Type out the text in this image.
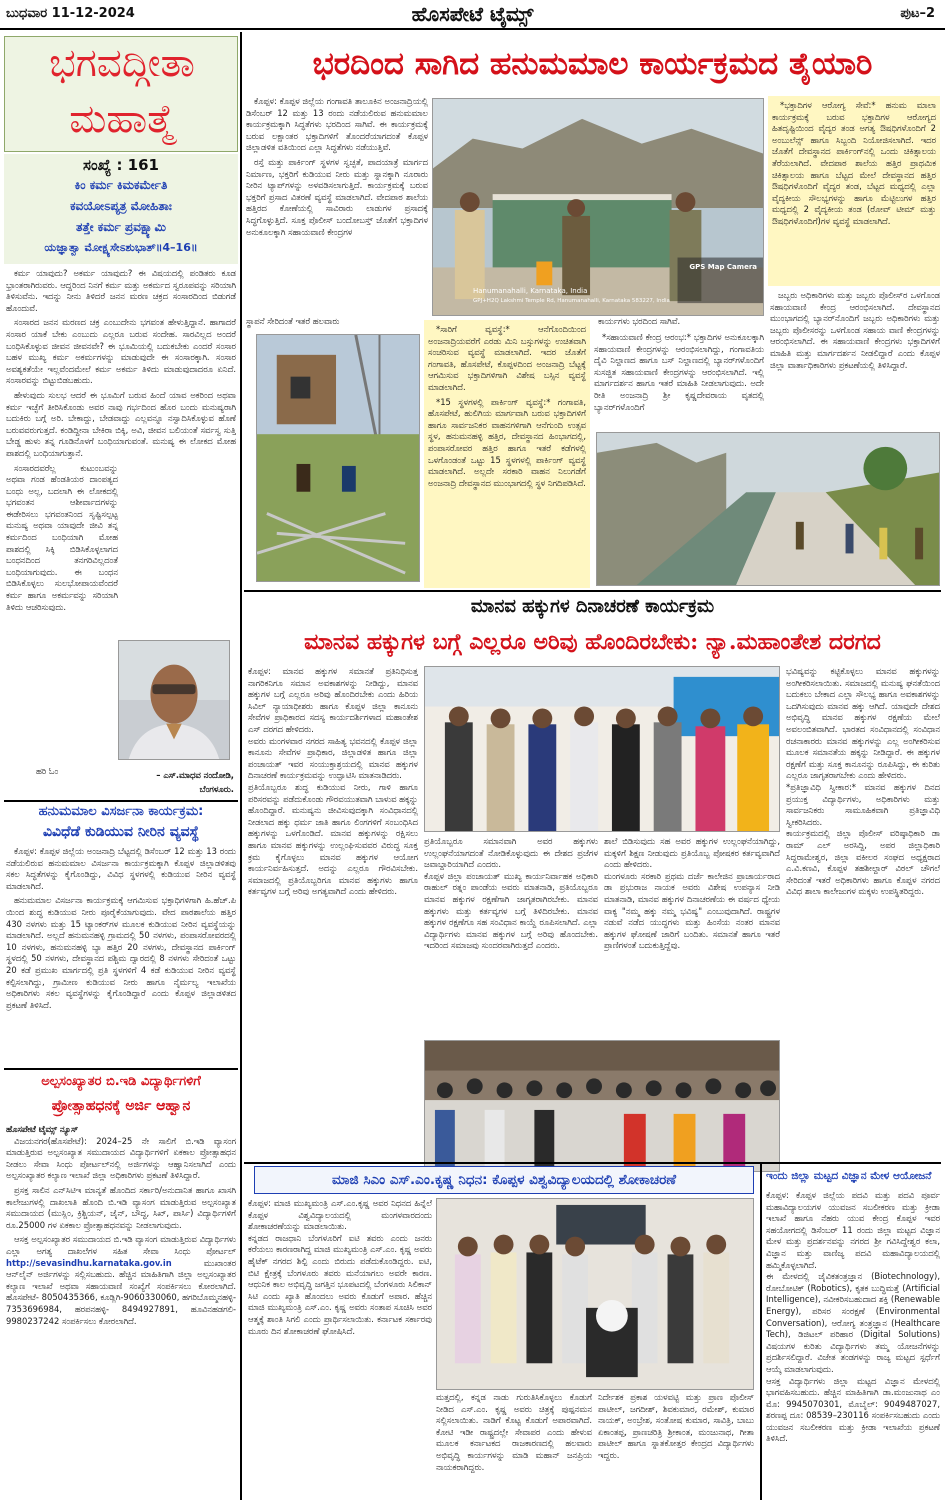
ಬುಧವಾರ 11-12-2024	ಹೊಸಪೇಟೆ ಟೈಮ್ಸ್	ಪುಟ–2
ಭಗವದ್ಗೀತಾ
ಮಹಾತ್ಮೆ
ಸಂಖ್ಯೆ : 161
ಕಿಂ ಕರ್ಮ ಕಿಮಕರ್ಮೇತಿ
ಕವಯೋಽಪ್ಯತ್ರ ಮೋಹಿತಾಃ
ತತ್ತೇ ಕರ್ಮ ಪ್ರವಕ್ಷ್ಯಾಮಿ
ಯಜ್ಞಾತ್ವಾ ಮೋಕ್ಷ್ಯಸೇಽಶುಭಾತ್॥4–16॥

ಕರ್ಮ ಯಾವುದು? ಅಕರ್ಮ ಯಾವುದು? ಈ ವಿಷಯದಲ್ಲಿ ಪಂಡಿತರು ಕೂಡ ಭ್ರಾಂತರಾಗಿರುವರು. ಆದ್ದರಿಂದ ನಿನಗೆ ಕರ್ಮ ಮತ್ತು ಅಕರ್ಮದ ಸ್ವರೂಪವನ್ನು ಸರಿಯಾಗಿ ತಿಳಿಸುವೆನು. ಇದನ್ನು ನೀನು ತಿಳಿದರೆ ಜನನ ಮರಣ ಚಕ್ರದ ಸಂಸಾರದಿಂದ ಬಿಡುಗಡೆ ಹೊಂದುವೆ.

ಸಂಸಾರದ ಜನನ ಮರಣದ ಚಕ್ರ ಎಂಬುದೇನು ಭಗವಂತ ಹೇಳುತ್ತಿದ್ದಾನೆ. ಹಾಗಾದರೆ ಸಂಸಾರ ಯಾಕೆ ಬೇಕು ಎಂಬುದು ಎಲ್ಲರೂ ಬರುವ ಸಂದೇಹ. ಸಾರವಿಲ್ಲದ ಅಂದರೆ ಬಂಧಿಸಿಕೊಳ್ಳುವ ಜೀವನ ಜೀವನವೇ? ಈ ಭೂಮಿಯಲ್ಲಿ ಬದುಕಬೇಕು ಎಂದರೆ ಸಂಸಾರ ಬಹಳ ಮುಖ್ಯ ಕರ್ಮ ಅಕರ್ಮಗಳನ್ನು ಮಾಡುವುದೇ ಈ ಸಂಸಾರಕ್ಕಾಗಿ. ಸಂಸಾರ ಅವಶ್ಯಕತೆಯೇ ಇಲ್ಲವೆಂದಮೇಲೆ ಕರ್ಮ ಅಕರ್ಮ ತಿಳಿದು ಮಾಡುವುದಾದರೂ ಏನಿದೆ. ಸಂಸಾರವನ್ನು ಬಿಟ್ಟುಬಿಡಬಹುದು.

ಹೇಳುವುದು ಸುಲಭ ಆದರೆ ಈ ಭೂಮಿಗೆ ಬರುವ ಹಿಂದೆ ಯಾವ ಅಕರಿಂದ ಅಥವಾ ಕರ್ಮ ಇಚ್ಛೆಗೆ ತೀರಿಸಿಕೊಂಡು ಅವರ ನಾವು ಗರ್ಭದಿಂದ ಹೊರ ಬಂದು ಮನುಷ್ಯರಾಗಿ ಬದುಕಿರು ಬಗ್ಗೆ ಅರಿ. ಬೇಕಾದ್ದು, ಬೇಡವಾದ್ದು ಎಲ್ಲವನ್ನೂ ನಸ್ವಾದಿಸಿಕೊಳ್ಳುವ ಹೊಣೆ ಬರುವವರುಗುತ್ತದೆ. ಕಂಡಿದ್ದೀನಾ ಬೇಕಿರಾ ಬಿಕ್ಕಿ, ಅವಿ, ಜೀವನ ಬಲಿಯಂತೆ ಸರ್ವಸ್ವ ಸುತ್ತಿ ಬೇಡ್ಡ ಹುಳು ತನ್ನ ಗೂಡಿನೊಳಗೆ ಬಂಧಿಯಾಗುವಂತೆ. ಮನುಷ್ಯ ಈ ಲೋಕದ ಮೋಹ ಪಾಶದಲ್ಲಿ ಬಂಧಿಯಾಗುತ್ತಾನೆ.

ಸಂಸಾರದವರೆಲ್ಲ ಕುಟುಂಬವನ್ನು ಅಥವಾ ಗಂಡ ಹೆಂಡತಿಯರ ದಾಂಪತ್ಯದ ಬಂಧು ಅಲ್ಲ, ಬದಲಾಗಿ ಈ ಲೋಕದಲ್ಲಿ ಭಗವಂತನ ಆಶೀರ್ವಾದಗಳನ್ನು ಈಡೇರಿಸಲು ಭಗವಂತನಿಂದ ಸೃಷ್ಟಿಸಲ್ಪಟ್ಟ ಮನುಷ್ಯ ಅಥವಾ ಯಾವುದೇ ಜೀವಿ ತನ್ನ ಕರ್ಮದಿಂದ ಬಂಧಿಯಾಗಿ ಮೋಹ ಪಾಶದಲ್ಲಿ ಸಿಕ್ಕಿ ಬಿಡಿಸಿಕೊಳ್ಳಲಾಗದ ಬಂಧನದಿಂದ ತನಗರಿವಿಲ್ಲದಂತೆ ಬಂಧಿಯಾಗುವುದು. ಈ ಬಂಧನ ಬಿಡಿಸಿಕೊಳ್ಳಲು ಸುಲಭೋಪಾಯವೆಂದರೆ ಕರ್ಮ ಹಾಗೂ ಅಕರ್ಮವನ್ನು ಸರಿಯಾಗಿ ತಿಳಿದು ಆಚರಿಸುವುದು.

ಹರಿ ಓಂ	– ಎಸ್.ಮಾಧವ ನಂದೋಡಿ,
ಬೆಂಗಳೂರು.
ಹನುಮಮಾಲ ವಿಸರ್ಜನಾ ಕಾರ್ಯಕ್ರಮ:
ವಿವಿಧೆಡೆ ಕುಡಿಯುವ ನೀರಿನ ವ್ಯವಸ್ಥೆ

ಕೊಪ್ಪಳ: ಕೊಪ್ಪಳ ಜಿಲ್ಲೆಯ ಅಂಜನಾದ್ರಿ ಬೆಟ್ಟದಲ್ಲಿ ಡಿಸೆಂಬರ್ 12 ಮತ್ತು 13 ರಂದು ನಡೆಯಲಿರುವ ಹನುಮಮಾಲ ವಿಸರ್ಜನಾ ಕಾರ್ಯಕ್ರಮಕ್ಕಾಗಿ ಕೊಪ್ಪಳ ಜಿಲ್ಲಾಡಳಿತವು ಸಕಲ ಸಿದ್ಧತೆಗಳನ್ನು ಕೈಗೊಂಡಿದ್ದು, ವಿವಿಧ ಸ್ಥಳಗಳಲ್ಲಿ ಕುಡಿಯುವ ನೀರಿನ ವ್ಯವಸ್ಥೆ ಮಾಡಲಾಗಿದೆ.

ಹನುಮಮಾಲ ವಿಸರ್ಜನಾ ಕಾರ್ಯಕ್ರಮಕ್ಕೆ ಆಗಮಿಸುವ ಭಕ್ತಾಧಿಗಳಿಗಾಗಿ ಹಿ.ಹೆಚ್.ಪಿ ಯಿಂದ ಶುದ್ಧ ಕುಡಿಯುವ ನೀರು ಪೂರೈಕೆಯಾಗುವುದು. ವೇದ ಪಾಠಶಾಲೆಯ ಹತ್ತಿರ 430 ನಳಗಳು ಮತ್ತು 15 ಟ್ಯಾಂಕರ್‌ಗಳ ಮೂಲಕ ಕುಡಿಯುವ ನೀರಿನ ವ್ಯವಸ್ಥೆಯನ್ನು ಮಾಡಲಾಗಿದೆ. ಅಲ್ಲದೆ ಹನುಮನಹಳ್ಳಿ ಗ್ರಾಮದಲ್ಲಿ 50 ನಳಗಳು, ಪಂಪಾಸರೋವರದಲ್ಲಿ 10 ನಳಗಳು, ಹನುಮನಹಳ್ಳಿ ಬ್ಯಾ ಹತ್ತಿರ 20 ನಳಗಳು, ದೇವಸ್ಥಾನದ ಪಾರ್ಕಿಂಗ್ ಸ್ಥಳದಲ್ಲಿ 50 ನಳಗಳು, ದೇವಸ್ಥಾನದ ಪಶ್ಚಿಮ ದ್ವಾರದಲ್ಲಿ 8 ನಳಗಳು ಸೇರಿದಂತೆ ಒಟ್ಟು 20 ಕಡೆ ಪ್ರಮುಖ ಮಾರ್ಗದಲ್ಲಿ ಪ್ರತಿ ಸ್ಥಳಗಳಿಗೆ 4 ಕಡೆ ಕುಡಿಯುವ ನೀರಿನ ವ್ಯವಸ್ಥೆ ಕಲ್ಪಿಸಲಾಗಿದ್ದು, ಗ್ರಾಮೀಣ ಕುಡಿಯುವ ನೀರು ಹಾಗೂ ನೈರ್ಮಲ್ಯ ಇಲಾಖೆಯ ಅಧಿಕಾರಿಗಳು ಸಕಲ ವ್ಯವಸ್ಥೆಗಳನ್ನು ಕೈಗೊಂಡಿದ್ದಾರೆ ಎಂದು ಕೊಪ್ಪಳ ಜಿಲ್ಲಾಡಳಿತದ ಪ್ರಕಟಣೆ ತಿಳಿಸಿದೆ.

ಅಲ್ಪಸಂಖ್ಯಾತರ ಬಿ.ಇಡಿ ವಿದ್ಯಾರ್ಥಿಗಳಿಗೆ
ಪ್ರೋತ್ಸಾಹಧನಕ್ಕೆ ಅರ್ಜಿ ಆಹ್ವಾನ
ಹೊಸಪೇಟೆ ಟೈಮ್ಸ್ ನ್ಯೂಸ್

ವಿಜಯನಗರ(ಹೊಸಪೇಟೆ): 2024–25 ನೇ ಸಾಲಿಗೆ ಬಿ.ಇಡಿ ವ್ಯಾಸಂಗ ಮಾಡುತ್ತಿರುವ ಅಲ್ಪಸಂಖ್ಯಾತ ಸಮುದಾಯದ ವಿದ್ಯಾರ್ಥಿಗಳಿಗೆ ಏಕಕಾಲ ಪ್ರೋತ್ಸಾಹಧನ ನೀಡಲು ಸೇವಾ ಸಿಂಧು ಪೋರ್ಟಲ್‌ನಲ್ಲಿ ಅರ್ಜಿಗಳನ್ನು ಆಹ್ವಾನಿಸಲಾಗಿದೆ ಎಂದು ಅಲ್ಪಸಂಖ್ಯಾತರ ಕಲ್ಯಾಣ ಇಲಾಖೆ ಜಿಲ್ಲಾ ಅಧಿಕಾರಿಗಳು ಪ್ರಕಟಣೆ ತಿಳಿಸಿದ್ದಾರೆ.

ಪ್ರಸಕ್ತ ಸಾಲಿನ ಎನ್‌ಸಿಟಿಇ ಮಾನ್ಯತೆ ಹೊಂದಿದ ಸರ್ಕಾರಿ/ಅನುದಾನಿತ ಹಾಗೂ ಖಾಸಗಿ ಕಾಲೇಜುಗಳಲ್ಲಿ ದಾಖಲಾತಿ ಹೊಂದಿ ಬಿ.ಇಡಿ ವ್ಯಾಸಂಗ ಮಾಡುತ್ತಿರುವ ಅಲ್ಪಸಂಖ್ಯಾತ ಸಮುದಾಯದ (ಮುಸ್ಲಿಂ, ಕ್ರಿಶ್ಚಿಯನ್, ಜೈನ್, ಬೌದ್ಧ, ಸಿಖ್, ಪಾರ್ಸಿ) ವಿದ್ಯಾರ್ಥಿಗಳಿಗೆ ರೂ.25000 ಗಳ ಏಕಕಾಲ ಪ್ರೋತ್ಸಾಹಧನವನ್ನು ನೀಡಲಾಗುವುದು.

ಆಸಕ್ತ ಅಲ್ಪಸಂಖ್ಯಾತರ ಸಮುದಾಯದ ಬಿ.ಇಡಿ ವ್ಯಾಸಂಗ ಮಾಡುತ್ತಿರುವ ವಿದ್ಯಾರ್ಥಿಗಳು ಎಲ್ಲಾ ಅಗತ್ಯ ದಾಖಲೆಗಳ ಸಹಿತ ಸೇವಾ ಸಿಂಧು ಪೋರ್ಟಲ್ http://sevasindhu.karnataka.gov.in	ಮುಖಾಂತರ ಆನ್‌ಲೈನ್ ಅರ್ಜಿಗಳನ್ನು ಸಲ್ಲಿಸಬಹುದು. ಹೆಚ್ಚಿನ ಮಾಹಿತಿಗಾಗಿ ಜಿಲ್ಲಾ ಅಲ್ಪಸಂಖ್ಯಾತರ ಕಲ್ಯಾಣ ಇಲಾಖೆ ಅಥವಾ ಸಹಾಯವಾಣಿ ಸಂಖ್ಯೆಗೆ ಸಂಪರ್ಕಿಸಲು ಕೋರಲಾಗಿದೆ. ಹೊಸಪೇಟೆ- 8050435366, ಕೂಡ್ಲಿಗಿ-9060330060, ಹಗರಿಬೊಮ್ಮನಹಳ್ಳಿ- 7353696984, ಹರಪನಹಳ್ಳಿ- 8494927891, ಹೂವಿನಹಡಗಲಿ- 9980237242 ಸಂಪರ್ಕಿಸಲು ಕೋರಲಾಗಿದೆ.

ಭರದಿಂದ ಸಾಗಿದ ಹನುಮಮಾಲ ಕಾರ್ಯಕ್ರಮದ ತೈಯಾರಿ

ಕೊಪ್ಪಳ: ಕೊಪ್ಪಳ ಜಿಲ್ಲೆಯ ಗಂಗಾವತಿ ತಾಲೂಕಿನ ಅಂಜನಾದ್ರಿಯಲ್ಲಿ ಡಿಸೆಂಬರ್ 12 ಮತ್ತು 13 ರಂದು ನಡೆಯಲಿರುವ ಹನುಮಮಾಲ ಕಾರ್ಯಕ್ರಮಕ್ಕಾಗಿ ಸಿದ್ಧತೆಗಳು ಭರದಿಂದ ಸಾಗಿವೆ. ಈ ಕಾರ್ಯಕ್ರಮಕ್ಕೆ ಬರುವ ಲಕ್ಷಾಂತರ ಭಕ್ತಾದಿಗಳಿಗೆ ತೊಂದರೆಯಾಗದಂತೆ ಕೊಪ್ಪಳ ಜಿಲ್ಲಾಡಳಿತ ವತಿಯಿಂದ ಎಲ್ಲಾ ಸಿದ್ಧತೆಗಳು ನಡೆಯುತ್ತಿವೆ.

ರಸ್ತೆ ಮತ್ತು ಪಾರ್ಕಿಂಗ್ ಸ್ಥಳಗಳ ಸ್ವಚ್ಛತೆ, ಪಾದಯಾತ್ರೆ ಮಾರ್ಗದ ನಿರ್ಮಾಣ, ಭಕ್ತರಿಗೆ ಕುಡಿಯುವ ನೀರು ಮತ್ತು ಸ್ನಾನಕ್ಕಾಗಿ ನೂರಾರು ನೀರಿನ ಟ್ಯಾಪ್‌ಗಳನ್ನು ಅಳವಡಿಸಲಾಗುತ್ತಿದೆ. ಕಾರ್ಯಕ್ರಮಕ್ಕೆ ಬರುವ ಭಕ್ತರಿಗೆ ಪ್ರಸಾದ ವಿತರಣೆ ವ್ಯವಸ್ಥೆ ಮಾಡಲಾಗಿದೆ. ವೇದಪಾಠ ಶಾಲೆಯ ಹತ್ತಿರದ ಕೋಣೆಯಲ್ಲಿ ಸಾವಿರಾರು ಲಾಡುಗಳ ಪ್ರಸಾದಕ್ಕೆ ಸಿದ್ಧಗೊಳ್ಳುತ್ತಿದೆ. ಸೂಕ್ತ ಪೊಲೀಸ್ ಬಂದೋಬಸ್ತ್ ಜೊತೆಗೆ ಭಕ್ತಾದಿಗಳ ಅನುಕೂಲಕ್ಕಾಗಿ ಸಹಾಯವಾಣಿ ಕೇಂದ್ರಗಳ

GPS Map Camera
Hanumanahalli, Karnataka, India
GPJ+H2Q Lakshmi Temple Rd, Hanumanahalli, Karnataka 583227, India
ಸ್ಥಾಪನೆ ಸೇರಿದಂತೆ ಇತರೆ ಹಲವಾರು	ಕಾರ್ಯಗಳು ಭರದಿಂದ ಸಾಗಿವೆ.

*ಸಾರಿಗೆ ವ್ಯವಸ್ಥೆ:* ಆನೆಗೊಂದಿಯಿಂದ ಅಂಜನಾದ್ರಿಯವರೆಗೆ ಎರಡು ಮಿನಿ ಬಸ್ಸುಗಳನ್ನು ಉಚಿತವಾಗಿ ಸಂಚರಿಸುವ ವ್ಯವಸ್ಥೆ ಮಾಡಲಾಗಿದೆ. ಇದರ ಜೊತೆಗೆ ಗಂಗಾವತಿ, ಹೊಸಪೇಟೆ, ಕೊಪ್ಪಳದಿಂದ ಅಂಜನಾದ್ರಿ ಬೆಟ್ಟಕ್ಕೆ ಆಗಮಿಸುವ ಭಕ್ತಾದಿಗಳಿಗಾಗಿ ವಿಶೇಷ ಬಸ್ಸಿನ ವ್ಯವಸ್ಥೆ ಮಾಡಲಾಗಿದೆ.

*15 ಸ್ಥಳಗಳಲ್ಲಿ ಪಾರ್ಕಿಂಗ್ ವ್ಯವಸ್ಥೆ:* ಗಂಗಾವತಿ, ಹೊಸಪೇಟೆ, ಹುಲಿಗಿಯ ಮಾರ್ಗವಾಗಿ ಬರುವ ಭಕ್ತಾದಿಗಳಿಗೆ ಹಾಗೂ ಸಾರ್ವಜನಿಕರ ವಾಹನಗಳಿಗಾಗಿ ಆನೆಗುಂದಿ ಉತ್ಸವ ಸ್ಥಳ, ಹನುಮನಹಳ್ಳಿ ಹತ್ತಿರ, ದೇವಸ್ಥಾನದ ಹಿಂಭಾಗದಲ್ಲಿ, ಪಂಪಾಸರೋವರ ಹತ್ತಿರ ಹಾಗೂ ಇತರೆ ಕಡೆಗಳಲ್ಲಿ ಒಳಗೊಂಡಂತೆ ಒಟ್ಟು 15 ಸ್ಥಳಗಳಲ್ಲಿ ಪಾರ್ಕಿಂಗ್ ವ್ಯವಸ್ಥೆ ಮಾಡಲಾಗಿದೆ. ಅಲ್ಲದೇ ಸರಕಾರಿ ವಾಹನ ನಿಲುಗಡೆಗೆ ಅಂಜನಾದ್ರಿ ದೇವಸ್ಥಾನದ ಮುಂಭಾಗದಲ್ಲಿ ಸ್ಥಳ ನಿಗದಿಪಡಿಸಿದೆ.

*ಸಹಾಯವಾಣಿ ಕೇಂದ್ರ ಆರಂಭ:* ಭಕ್ತಾದಿಗಳ ಅನುಕೂಲಕ್ಕಾಗಿ ಸಹಾಯವಾಣಿ ಕೇಂದ್ರಗಳನ್ನು ಆರಂಭಿಸಲಾಗಿದ್ದು, ಗಂಗಾವತಿಯ ದೈವಿ ನಿಲ್ದಾಣದ ಹಾಗೂ ಬಸ್ ನಿಲ್ದಾಣದಲ್ಲಿ ಬ್ಯಾನರ್‌ಗಳೊಂದಿಗೆ ಸುಸಜ್ಜಿತ ಸಹಾಯವಾಣಿ ಕೇಂದ್ರಗಳನ್ನು ಆರಂಭಿಸಲಾಗಿದೆ. ಇಲ್ಲಿ ಮಾರ್ಗದರ್ಶನ ಹಾಗೂ ಇತರೆ ಮಾಹಿತಿ ನೀಡಲಾಗುವುದು. ಅದೇ ರೀತಿ ಅಂಜನಾದ್ರಿ ಶ್ರೀ ಕೃಷ್ಣದೇವರಾಯ ವೃತದಲ್ಲಿ ಬ್ಯಾನರ್‌ಗಳೊಂದಿಗೆ

*ಭಕ್ತಾದಿಗಳ ಆರೋಗ್ಯ ಸೇವೆ:* ಹನುಮ ಮಾಲಾ ಕಾರ್ಯಕ್ರಮಕ್ಕೆ ಬರುವ ಭಕ್ತಾದಿಗಳ ಆರೋಗ್ಯದ ಹಿತದೃಷ್ಟಿಯಿಂದ ವೈದ್ಯರ ತಂಡ ಅಗತ್ಯ ಔಷಧಿಗಳೊಂದಿಗೆ 2 ಅಂಬುಲೆನ್ಸ್ ಹಾಗೂ ಸಿಬ್ಬಂದಿ ನಿಯೋಜಿಸಲಾಗಿದೆ. ಇದರ ಜೊತೆಗೆ ದೇವಸ್ಥಾನದ ಪಾರ್ಕಿಂಗ್‌ನಲ್ಲಿ ಒಂದು ಚಿಕಿತ್ಸಾಲಯ ತೆರೆಯಲಾಗಿದೆ. ವೇದಪಾಠ ಶಾಲೆಯ ಹತ್ತಿರ ಪ್ರಾಥಮಿಕ ಚಿಕಿತ್ಸಾಲಯ ಹಾಗೂ ಬೆಟ್ಟದ ಮೇಲೆ ದೇವಸ್ಥಾನದ ಹತ್ತಿರ ಔಷಧಿಗಳೊಂದಿಗೆ ವೈದ್ಯರ ತಂಡ, ಬೆಟ್ಟದ ಮಧ್ಯದಲ್ಲಿ ಎಲ್ಲಾ ವೈದ್ಯಕೀಯ ಸೌಲಭ್ಯಗಳನ್ನು ಹಾಗೂ ಮೆಟ್ಟಿಲುಗಳ ಹತ್ತಿರ ಮಧ್ಯದಲ್ಲಿ 2 ವೈದ್ಯಕೀಯ ತಂಡ (ರೋವ್ ಟೀಮ್ ಮತ್ತು ಔಷಧಿಗಳೊಂದಿಗೆ)ಗಳ ವ್ಯವಸ್ಥೆ ಮಾಡಲಾಗಿದೆ.

ಜಬ್ಬರು ಅಧಿಕಾರಿಗಳು ಮತ್ತು ಜಬ್ಬರು ಪೊಲೀಸ್‌ರ ಒಳಗೊಂಡ ಸಹಾಯವಾಣಿ ಕೇಂದ್ರ ಆರಂಭಿಸಲಾಗಿದೆ. ದೇವಸ್ಥಾನದ ಮುಂಭಾಗದಲ್ಲಿ ಬ್ಯಾನರ್‌ನೊಂದಿಗೆ ಜಬ್ಬರು ಅಧಿಕಾರಿಗಳು ಮತ್ತು ಜಬ್ಬರು ಪೊಲೀಸರನ್ನು ಒಳಗೊಂಡ ಸಹಾಯ ವಾಣಿ ಕೇಂದ್ರಗಳನ್ನು ಆರಂಭಿಸಲಾಗಿದೆ. ಈ ಸಹಾಯವಾಣಿ ಕೇಂದ್ರಗಳು ಭಕ್ತಾದಿಗಳಿಗೆ ಮಾಹಿತಿ ಮತ್ತು ಮಾರ್ಗದರ್ಶನ ನೀಡಲಿದ್ದಾರೆ ಎಂದು ಕೊಪ್ಪಳ ಜಿಲ್ಲಾ ವಾರ್ತಾಧಿಕಾರಿಗಳು ಪ್ರಕಟಣೆಯಲ್ಲಿ ತಿಳಿಸಿದ್ದಾರೆ.

ಮಾನವ ಹಕ್ಕುಗಳ ದಿನಾಚರಣೆ ಕಾರ್ಯಕ್ರಮ
ಮಾನವ ಹಕ್ಕುಗಳ ಬಗ್ಗೆ ಎಲ್ಲರೂ ಅರಿವು ಹೊಂದಿರಬೇಕು: ನ್ಯಾ.ಮಹಾಂತೇಶ ದರಗದ
ಕೊಪ್ಪಳ: ಮಾನವ ಹಕ್ಕುಗಳ ಸಮಾನತೆ ಪ್ರತಿನಿಧಿಸುತ್ತ ನಾಗರಿಕನಿಗೂ ಸಮಾನ ಅವಕಾಶಗಳನ್ನು ನೀಡಿದ್ದು, ಮಾನವ ಹಕ್ಕುಗಳ ಬಗ್ಗೆ ಎಲ್ಲರೂ ಅರಿವು ಹೊಂದಿರಬೇಕು ಎಂದು ಹಿರಿಯ ಸಿವಿಲ್ ನ್ಯಾಯಾಧೀಶರು ಹಾಗೂ ಕೊಪ್ಪಳ ಜಿಲ್ಲಾ ಕಾನೂನು ಸೇವೆಗಳ ಪ್ರಾಧಿಕಾರದ ಸದಸ್ಯ ಕಾರ್ಯದರ್ಶಿಗಳಾದ ಮಹಾಂತೇಶ ಎಸ್ ದರಗದ ಹೇಳಿದರು.
ಅವರು ಮಂಗಳವಾರ ನಗರದ ಸಾಹಿತ್ಯ ಭವನದಲ್ಲಿ ಕೊಪ್ಪಳ ಜಿಲ್ಲಾ ಕಾನೂನು ಸೇವೆಗಳ ಪ್ರಾಧಿಕಾರ, ಜಿಲ್ಲಾಡಳಿತ ಹಾಗೂ ಜಿಲ್ಲಾ ಪಂಚಾಯತ್ ಇವರ ಸಂಯುಕ್ತಾಶ್ರಯದಲ್ಲಿ ಮಾನವ ಹಕ್ಕುಗಳ ದಿನಾಚರಣೆ ಕಾರ್ಯಕ್ರಮವನ್ನು ಉದ್ಘಾಟಿಸಿ ಮಾತನಾಡಿದರು.
ಪ್ರತಿಯೊಬ್ಬರೂ ಶುದ್ಧ ಕುಡಿಯುವ ನೀರು, ಗಾಳಿ ಹಾಗೂ ಪರಿಸರವನ್ನು ಪಡೆದುಕೊಂಡು ಗೌರವಯುತವಾಗಿ ಬಾಳುವ ಹಕ್ಕನ್ನು ಹೊಂದಿದ್ದಾರೆ. ಮನುಷ್ಯನು ಜೀವಿಸುವುದಕ್ಕಾಗಿ ಸಂವಿಧಾನದಲ್ಲಿ ನೀಡಲಾದ ಹಕ್ಕು ಧರ್ಮ ಜಾತಿ ಹಾಗೂ ಲಿಂಗಗಳಿಗೆ ಸಂಬಂಧಿಸಿದ ಹಕ್ಕುಗಳನ್ನು ಒಳಗೊಂಡಿದೆ. ಮಾನವ ಹಕ್ಕುಗಳನ್ನು ರಕ್ಷಿಸಲು ಹಾಗೂ ಮಾನವ ಹಕ್ಕುಗಳನ್ನು ಉಲ್ಲಂಘಿಸುವವರ ವಿರುದ್ಧ ಸೂಕ್ತ ಕ್ರಮ ಕೈಗೊಳ್ಳಲು ಮಾನವ ಹಕ್ಕುಗಳ ಆಯೋಗ ಕಾರ್ಯನಿರ್ವಹಿಸುತ್ತದೆ. ಅದನ್ನು ಎಲ್ಲರೂ ಗೌರವಿಸಬೇಕು. ಸಮಾಜದಲ್ಲಿ ಪ್ರತಿಯೊಬ್ಬರಿಗೂ ಮಾನವ ಹಕ್ಕುಗಳು ಹಾಗೂ ಕರ್ತವ್ಯಗಳ ಬಗ್ಗೆ ಅರಿವು ಅಗತ್ಯವಾಗಿದೆ ಎಂದು ಹೇಳಿದರು.
ಪ್ರತಿಯೊಬ್ಬರೂ ಸಮಾನವಾಗಿ ಅವರ ಹಕ್ಕುಗಳು ಉಲ್ಲಂಘನೆಯಾಗದಂತೆ ನೋಡಿಕೊಳ್ಳುವುದು ಈ ದೇಶದ ಪ್ರಜೆಗಳ ಜವಾಬ್ದಾರಿಯಾಗಿದೆ ಎಂದರು.
ಕೊಪ್ಪಳ ಜಿಲ್ಲಾ ಪಂಚಾಯತ್ ಮುಖ್ಯ ಕಾರ್ಯನಿರ್ವಾಹಕ ಅಧಿಕಾರಿ ರಾಹುಲ್ ರತ್ನಂ ಪಾಂಡೆಯ ಅವರು ಮಾತನಾಡಿ, ಪ್ರತಿಯೊಬ್ಬರೂ ಮಾನವ ಹಕ್ಕುಗಳ ರಕ್ಷಣೆಗಾಗಿ ಜಾಗೃತರಾಗಿರಬೇಕು. ಮಾನವ ಹಕ್ಕುಗಳು ಮತ್ತು ಕರ್ತವ್ಯಗಳ ಬಗ್ಗೆ ತಿಳಿದಿರಬೇಕು. ಮಾನವ ಹಕ್ಕುಗಳ ರಕ್ಷಣೆಗೂ ಸಹ ಸಂವಿಧಾನ ಕಾಯ್ದೆ ರೂಪಿಸಲಾಗಿದೆ. ಎಲ್ಲಾ ವಿದ್ಯಾರ್ಥಿಗಳು ಮಾನವ ಹಕ್ಕುಗಳ ಬಗ್ಗೆ ಅರಿವು ಹೊಂದಬೇಕು. ಇದರಿಂದ ಸಮಾಜವು ಸುಂದರವಾಗಿರುತ್ತದೆ ಎಂದರು.
ಶಾಲೆ ಬಿಡಿಸುವುದು ಸಹ ಅವರ ಹಕ್ಕುಗಳ ಉಲ್ಲಂಘನೆಯಾಗಿದ್ದು, ಮಕ್ಕಳಿಗೆ ಶಿಕ್ಷಣ ನೀಡುವುದು ಪ್ರತಿಯೊಬ್ಬ ಪೋಷಕರ ಕರ್ತವ್ಯವಾಗಿದೆ ಎಂದು ಹೇಳಿದರು.
ಮಂಗಳೂರು ಸರಕಾರಿ ಪ್ರಥಮ ದರ್ಜೆ ಕಾಲೇಜಿನ ಪ್ರಾಚಾರ್ಯರಾದ ಡಾ ಪ್ರಭುರಾಜ ನಾಯಕ ಅವರು ವಿಶೇಷ ಉಪನ್ಯಾಸ ನೀಡಿ ಮಾತನಾಡಿ, ಮಾನವ ಹಕ್ಕುಗಳ ದಿನಾಚರಣೆಯ ಈ ವರ್ಷದ ಧ್ಯೇಯ ವಾಕ್ಯ "ನಮ್ಮ ಹಕ್ಕು ನಮ್ಮ ಭವಿಷ್ಯ" ಎಂಬುವುದಾಗಿದೆ. ರಾಷ್ಟ್ರಗಳ ನಡುವೆ ನಡೆದ ಯುದ್ಧಗಳು ಮತ್ತು ಹಿಂಸೆಯ ನಂತರ ಮಾನವ ಹಕ್ಕುಗಳ ಘೋಷಣೆ ಜಾರಿಗೆ ಬಂದಿತು. ಸಮಾನತೆ ಹಾಗೂ ಇತರೆ ಪ್ರಾಣಿಗಳಂತೆ ಬದುಕುತ್ತಿದ್ದೆವು.
ಭವಿಷ್ಯವನ್ನು ಕಟ್ಟಿಕೊಳ್ಳಲು ಮಾನವ ಹಕ್ಕುಗಳನ್ನು ಅಂಗೀಕರಿಸಲಾಯಿತು. ಸಮಾಜದಲ್ಲಿ ಮನುಷ್ಯ ಘನತೆಯಿಂದ ಬದುಕಲು ಬೇಕಾದ ಎಲ್ಲಾ ಸೌಲಭ್ಯ ಹಾಗೂ ಅವಕಾಶಗಳನ್ನು ಒದಗಿಸುವುದು ಮಾನವ ಹಕ್ಕು ಆಗಿದೆ. ಯಾವುದೇ ದೇಶದ ಅಭಿವೃದ್ಧಿ ಮಾನವ ಹಕ್ಕುಗಳ ರಕ್ಷಣೆಯ ಮೇಲೆ ಅವಲಂಬಿತವಾಗಿದೆ. ಭಾರತದ ಸಂವಿಧಾನದಲ್ಲಿ ಸಂವಿಧಾನ ರಚನಾಕಾರರು ಮಾನವ ಹಕ್ಕುಗಳನ್ನು ಎಲ್ಲ ಅಂಗೀಕರಿಸುವ ಮೂಲಕ ಸಮಾನತೆಯ ಹಕ್ಕನ್ನು ನೀಡಿದ್ದಾರೆ. ಈ ಹಕ್ಕುಗಳ ರಕ್ಷಣೆಗೆ ಮತ್ತು ಸೂಕ್ತ ಕಾನೂನನ್ನು ರೂಪಿಸಿದ್ದು, ಈ ಕುರಿತು ಎಲ್ಲರೂ ಜಾಗೃತರಾಗಬೇಕು ಎಂದು ಹೇಳಿದರು.
*ಪ್ರತಿಜ್ಞಾವಿಧಿ ಸ್ವೀಕಾರ:* ಮಾನವ ಹಕ್ಕುಗಳ ದಿನದ ಪ್ರಯುಕ್ತ ವಿದ್ಯಾರ್ಥಿಗಳು, ಅಧಿಕಾರಿಗಳು ಮತ್ತು ಸಾರ್ವಜನಿಕರು ಸಾಮೂಹಿಕವಾಗಿ ಪ್ರತಿಜ್ಞಾವಿಧಿ ಸ್ವೀಕರಿಸಿದರು.
ಕಾರ್ಯಕ್ರಮದಲ್ಲಿ ಜಿಲ್ಲಾ ಪೊಲೀಸ್ ವರಿಷ್ಠಾಧಿಕಾರಿ ಡಾ ರಾಮ್ ಎಲ್ ಅರಸಿದ್ದಿ, ಅಪರ ಜಿಲ್ಲಾಧಿಕಾರಿ ಸಿದ್ದರಾಮೇಶ್ವರ, ಜಿಲ್ಲಾ ವಕೀಲರ ಸಂಘದ ಅಧ್ಯಕ್ಷರಾದ ಎ.ವಿ.ಕಣವಿ, ಕೊಪ್ಪಳ ತಹಶೀಲ್ದಾರ್ ವಿಠಲ್ ಚೌಗಲೆ ಸೇರಿದಂತೆ ಇತರೆ ಅಧಿಕಾರಿಗಳು ಹಾಗೂ ಕೊಪ್ಪಳ ನಗರದ ವಿವಿಧ ಶಾಲಾ ಕಾಲೇಜುಗಳ ಮಕ್ಕಳು ಉಪಸ್ಥಿತರಿದ್ದರು.
ಮಾಜಿ ಸಿಎಂ ಎಸ್.ಎಂ.ಕೃಷ್ಣ ನಿಧನ: ಕೊಪ್ಪಳ ವಿಶ್ವವಿದ್ಯಾಲಯದಲ್ಲಿ ಶೋಕಾಚರಣೆ
ಕೊಪ್ಪಳ: ಮಾಜಿ ಮುಖ್ಯಮಂತ್ರಿ ಎಸ್.ಎಂ.ಕೃಷ್ಣ ಅವರ ನಿಧನದ ಹಿನ್ನೆಲೆ ಕೊಪ್ಪಳ ವಿಶ್ವವಿದ್ಯಾಲಯದಲ್ಲಿ ಮಂಗಳವಾರದಂದು ಶೋಕಾಚರಣೆಯನ್ನು ಮಾಡಲಾಯಿತು.
ಕನ್ನಡದ ರಾಜಧಾನಿ ಬೆಂಗಳೂರಿಗೆ ಐಟಿ ತವರು ಎಂದು ಜನರು ಕರೆಯಲು ಕಾರಣರಾಗಿದ್ದ ಮಾಜಿ ಮುಖ್ಯಮಂತ್ರಿ ಎಸ್.ಎಂ. ಕೃಷ್ಣ ಅವರು ಹೈಟೆಕ್ ನಗರದ ಶಿಲ್ಪಿ ಎಂದು ಬಿರುದು ಪಡೆದುಕೊಂಡಿದ್ದರು. ಐಟಿ, ಬಿಟಿ ಕ್ಷೇತ್ರಕ್ಕೆ ಬೆಂಗಳೂರು ತವರು ಮನೆಯಾಗಲು ಅವರೇ ಕಾರಣ. ಆಧುನಿಕ ಕಾಲ ಅಭಿವೃದ್ಧಿ ಜಗತ್ತಿನ ಭೂಪಟದಲ್ಲಿ ಬೆಂಗಳೂರು ಸಿಲಿಕಾನ್ ಸಿಟಿ ಎಂದು ಖ್ಯಾತಿ ಹೊಂದಲು ಅವರು ಕೊಡುಗೆ ಅಪಾರ. ಹೆಚ್ಚಿನ ಮಾಜಿ ಮುಖ್ಯಮಂತ್ರಿ ಎಸ್.ಎಂ. ಕೃಷ್ಣ ಅವರು ಸಂತಾಪ ಸೂಚಿಸಿ ಅವರ ಆತ್ಮಕ್ಕೆ ಶಾಂತಿ ಸಿಗಲಿ ಎಂದು ಪ್ರಾರ್ಥಿಸಲಾಯಿತು. ಕರ್ನಾಟಕ ಸರ್ಕಾರವು ಮೂರು ದಿನ ಶೋಕಾಚರಣೆ ಘೋಷಿಸಿದೆ.
ಮತ್ತದಲ್ಲಿ, ಕನ್ನಡ ನಾಡು ಗುರುತಿಸಿಕೊಳ್ಳಲು ಕೊಡುಗೆ ನೀಡಿದ ಎಸ್.ಎಂ. ಕೃಷ್ಣ ಅವರು ಚಿತ್ರಕ್ಕೆ ಪುಷ್ಪನಮನ ಸಲ್ಲಿಸಲಾಯಿತು. ನಾಡಿಗೆ ಕೊಟ್ಟ ಕೊಡುಗೆ ಅಪಾರವಾಗಿದೆ. ಕೋಟಿ ಇಡೀ ರಾಷ್ಟ್ರದಲ್ಲೇ ಸೇವಾಪರ ಎಂದು ಹೇಳುವ ಮೂಲಕ ಕರ್ನಾಟಕದ ರಾಜಕಾರಣದಲ್ಲಿ ಹಲವಾರು ಅಭಿವೃದ್ಧಿ ಕಾರ್ಯಗಳನ್ನು ಮಾಡಿ ಮಹಾನ್ ಜನಪ್ರಿಯ ನಾಯಕರಾಗಿದ್ದರು.
ನಿರ್ದೇಶಕ ಪ್ರಕಾಶ ಯಳವಟ್ಟಿ ಮತ್ತು ಪ್ರಾಣ ಪೊಲೀಸ್ ಪಾಟೀಲ್, ಜಗದೀಶ್, ಶಿವಕುಮಾರ, ರಮೇಶ್, ಕುಮಾರ ನಾಯಕ್, ಅಂಬ್ರೇಶ, ಸಂತೋಷ ಕುಮಾರ, ಸಾವಿತ್ರಿ, ಬಾಬು ಏಕಾಂತಪ್ಪ, ಪ್ರಾಣಚರಿತ್ರಿ ಶ್ರೀಕಾಂತ, ಮಂಜುನಾಥ, ಗೀತಾ ಪಾಟೀಲ್ ಹಾಗೂ ಸ್ನಾತಕೋತ್ತರ ಕೇಂದ್ರದ ವಿದ್ಯಾರ್ಥಿಗಳು ಇದ್ದರು.
ಇಂದು ಜಿಲ್ಲಾ ಮಟ್ಟದ ವಿಜ್ಞಾನ ಮೇಳ ಆಯೋಜನೆ
ಕೊಪ್ಪಳ: ಕೊಪ್ಪಳ ಜಿಲ್ಲೆಯ ಪದವಿ ಮತ್ತು ಪದವಿ ಪೂರ್ವ ಮಹಾವಿದ್ಯಾಲಯಗಳ ಯುವಜನ ಸಬಲೀಕರಣ ಮತ್ತು ಕ್ರೀಡಾ ಇಲಾಖೆ ಹಾಗೂ ನೆಹರು ಯುವ ಕೇಂದ್ರ ಕೊಪ್ಪಳ ಇವರ ಸಹಯೋಗದಲ್ಲಿ ಡಿಸೆಂಬರ್ 11 ರಂದು ಜಿಲ್ಲಾ ಮಟ್ಟದ ವಿಜ್ಞಾನ ಮೇಳ ಮತ್ತು ಪ್ರದರ್ಶನವನ್ನು ನಗರದ ಶ್ರೀ ಗವಿಸಿದ್ದೇಶ್ವರ ಕಲಾ, ವಿಜ್ಞಾನ ಮತ್ತು ವಾಣಿಜ್ಯ ಪದವಿ ಮಹಾವಿದ್ಯಾಲಯದಲ್ಲಿ ಹಮ್ಮಿಕೊಳ್ಳಲಾಗಿದೆ.
ಈ ಮೇಳದಲ್ಲಿ ಜೈವಿಕತಂತ್ರಜ್ಞಾನ (Biotechnology), ರೋಬೋಟಿಕ್ (Robotics), ಕೃತಕ ಬುದ್ಧಿಮತ್ತೆ (Artificial Intelligence), ನವೀಕರಿಸಬಹುದಾದ ಶಕ್ತಿ (Renewable Energy), ಪರಿಸರ ಸಂರಕ್ಷಣೆ (Environmental Conversation), ಆರೋಗ್ಯ ತಂತ್ರಜ್ಞಾನ (Healthcare Tech), ಡಿಜಿಟಲ್ ಪರಿಹಾರ (Digital Solutions) ವಿಷಯಗಳ ಕುರಿತು ವಿದ್ಯಾರ್ಥಿಗಳು ತಮ್ಮ ಯೋಜನೆಗಳನ್ನು ಪ್ರದರ್ಶಿಸಲಿದ್ದಾರೆ. ವಿಜೇತ ತಂಡಗಳನ್ನು ರಾಜ್ಯ ಮಟ್ಟದ ಸ್ಪರ್ಧೆಗೆ ಆಯ್ಕೆ ಮಾಡಲಾಗುವುದು.
ಆಸಕ್ತ ವಿದ್ಯಾರ್ಥಿಗಳು ಜಿಲ್ಲಾ ಮಟ್ಟದ ವಿಜ್ಞಾನ ಮೇಳದಲ್ಲಿ ಭಾಗವಹಿಸಬಹುದು. ಹೆಚ್ಚಿನ ಮಾಹಿತಿಗಾಗಿ ಡಾ.ಮಂಜುನಾಥ ಎಂ ಮೊ: 9945070301, ಮೊಬೈಲ್: 9049487027, ಶರಣಪ್ಪ ದೂ: 08539–230116 ಸಂಪರ್ಕಿಸಬಹುದು ಎಂದು ಯುವಜನ ಸಬಲೀಕರಣ ಮತ್ತು ಕ್ರೀಡಾ ಇಲಾಖೆಯ ಪ್ರಕಟಣೆ ತಿಳಿಸಿದೆ.
